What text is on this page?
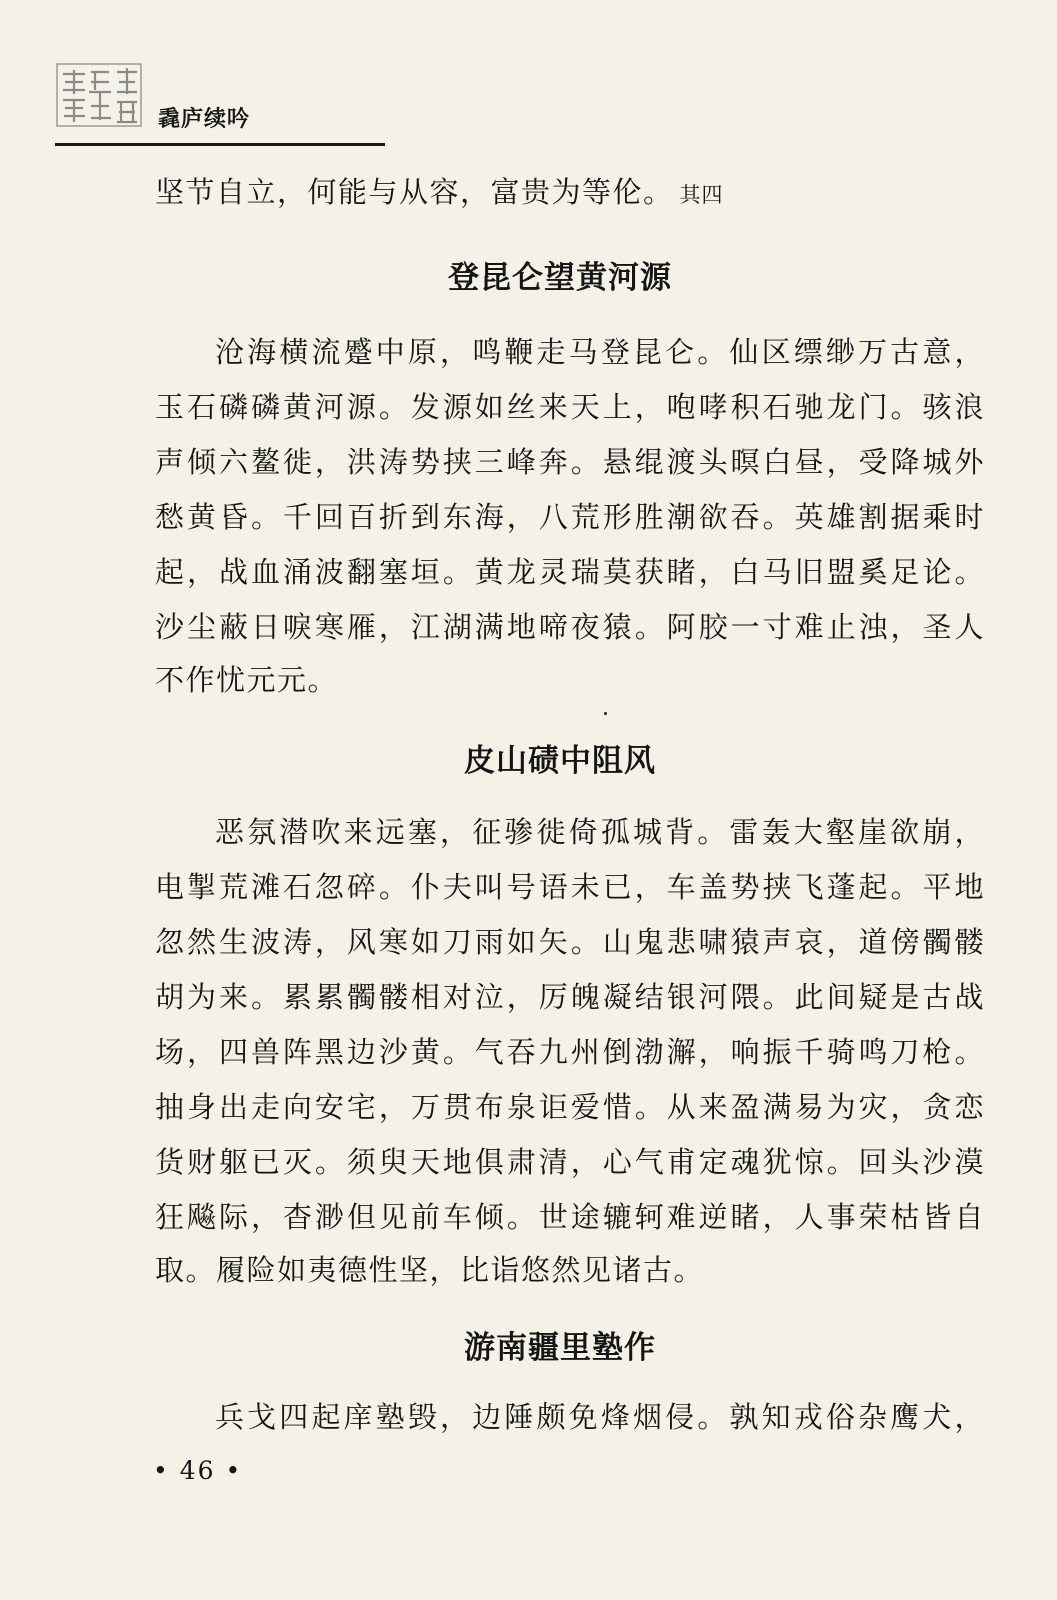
毳庐续吟
坚节自立，何能与从容，富贵为等伦。 其四
登昆仑望黄河源
沧海横流蹙中原，鸣鞭走马登昆仑。仙区缥缈万古意，
玉石磷磷黄河源。发源如丝来天上，咆哮积石驰龙门。骇浪
声倾六鳌徙，洪涛势挟三峰奔。悬绲渡头暝白昼，受降城外
愁黄昏。千回百折到东海，八荒形胜潮欲吞。英雄割据乘时
起，战血涌波翻塞垣。黄龙灵瑞莫获睹，白马旧盟奚足论。
沙尘蔽日唳寒雁，江湖满地啼夜猿。阿胶一寸难止浊，圣人
不作忧元元。
皮山碛中阻风
恶氛潜吹来远塞，征骖徙倚孤城背。雷轰大壑崖欲崩，
电掣荒滩石忽碎。仆夫叫号语未已，车盖势挟飞蓬起。平地
忽然生波涛，风寒如刀雨如矢。山鬼悲啸猿声哀，道傍髑髅
胡为来。累累髑髅相对泣，厉魄凝结银河隈。此间疑是古战
场，四兽阵黑边沙黄。气吞九州倒渤澥，响振千骑鸣刀枪。
抽身出走向安宅，万贯布泉讵爱惜。从来盈满易为灾，贪恋
货财躯已灭。须臾天地俱肃清，心气甫定魂犹惊。回头沙漠
狂飚际，杳渺但见前车倾。世途辘轲难逆睹，人事荣枯皆自
取。履险如夷德性坚，比诣悠然见诸古。
游南疆里塾作
兵戈四起庠塾毁，边陲颇免烽烟侵。孰知戎俗杂鹰犬，
• 46 •
